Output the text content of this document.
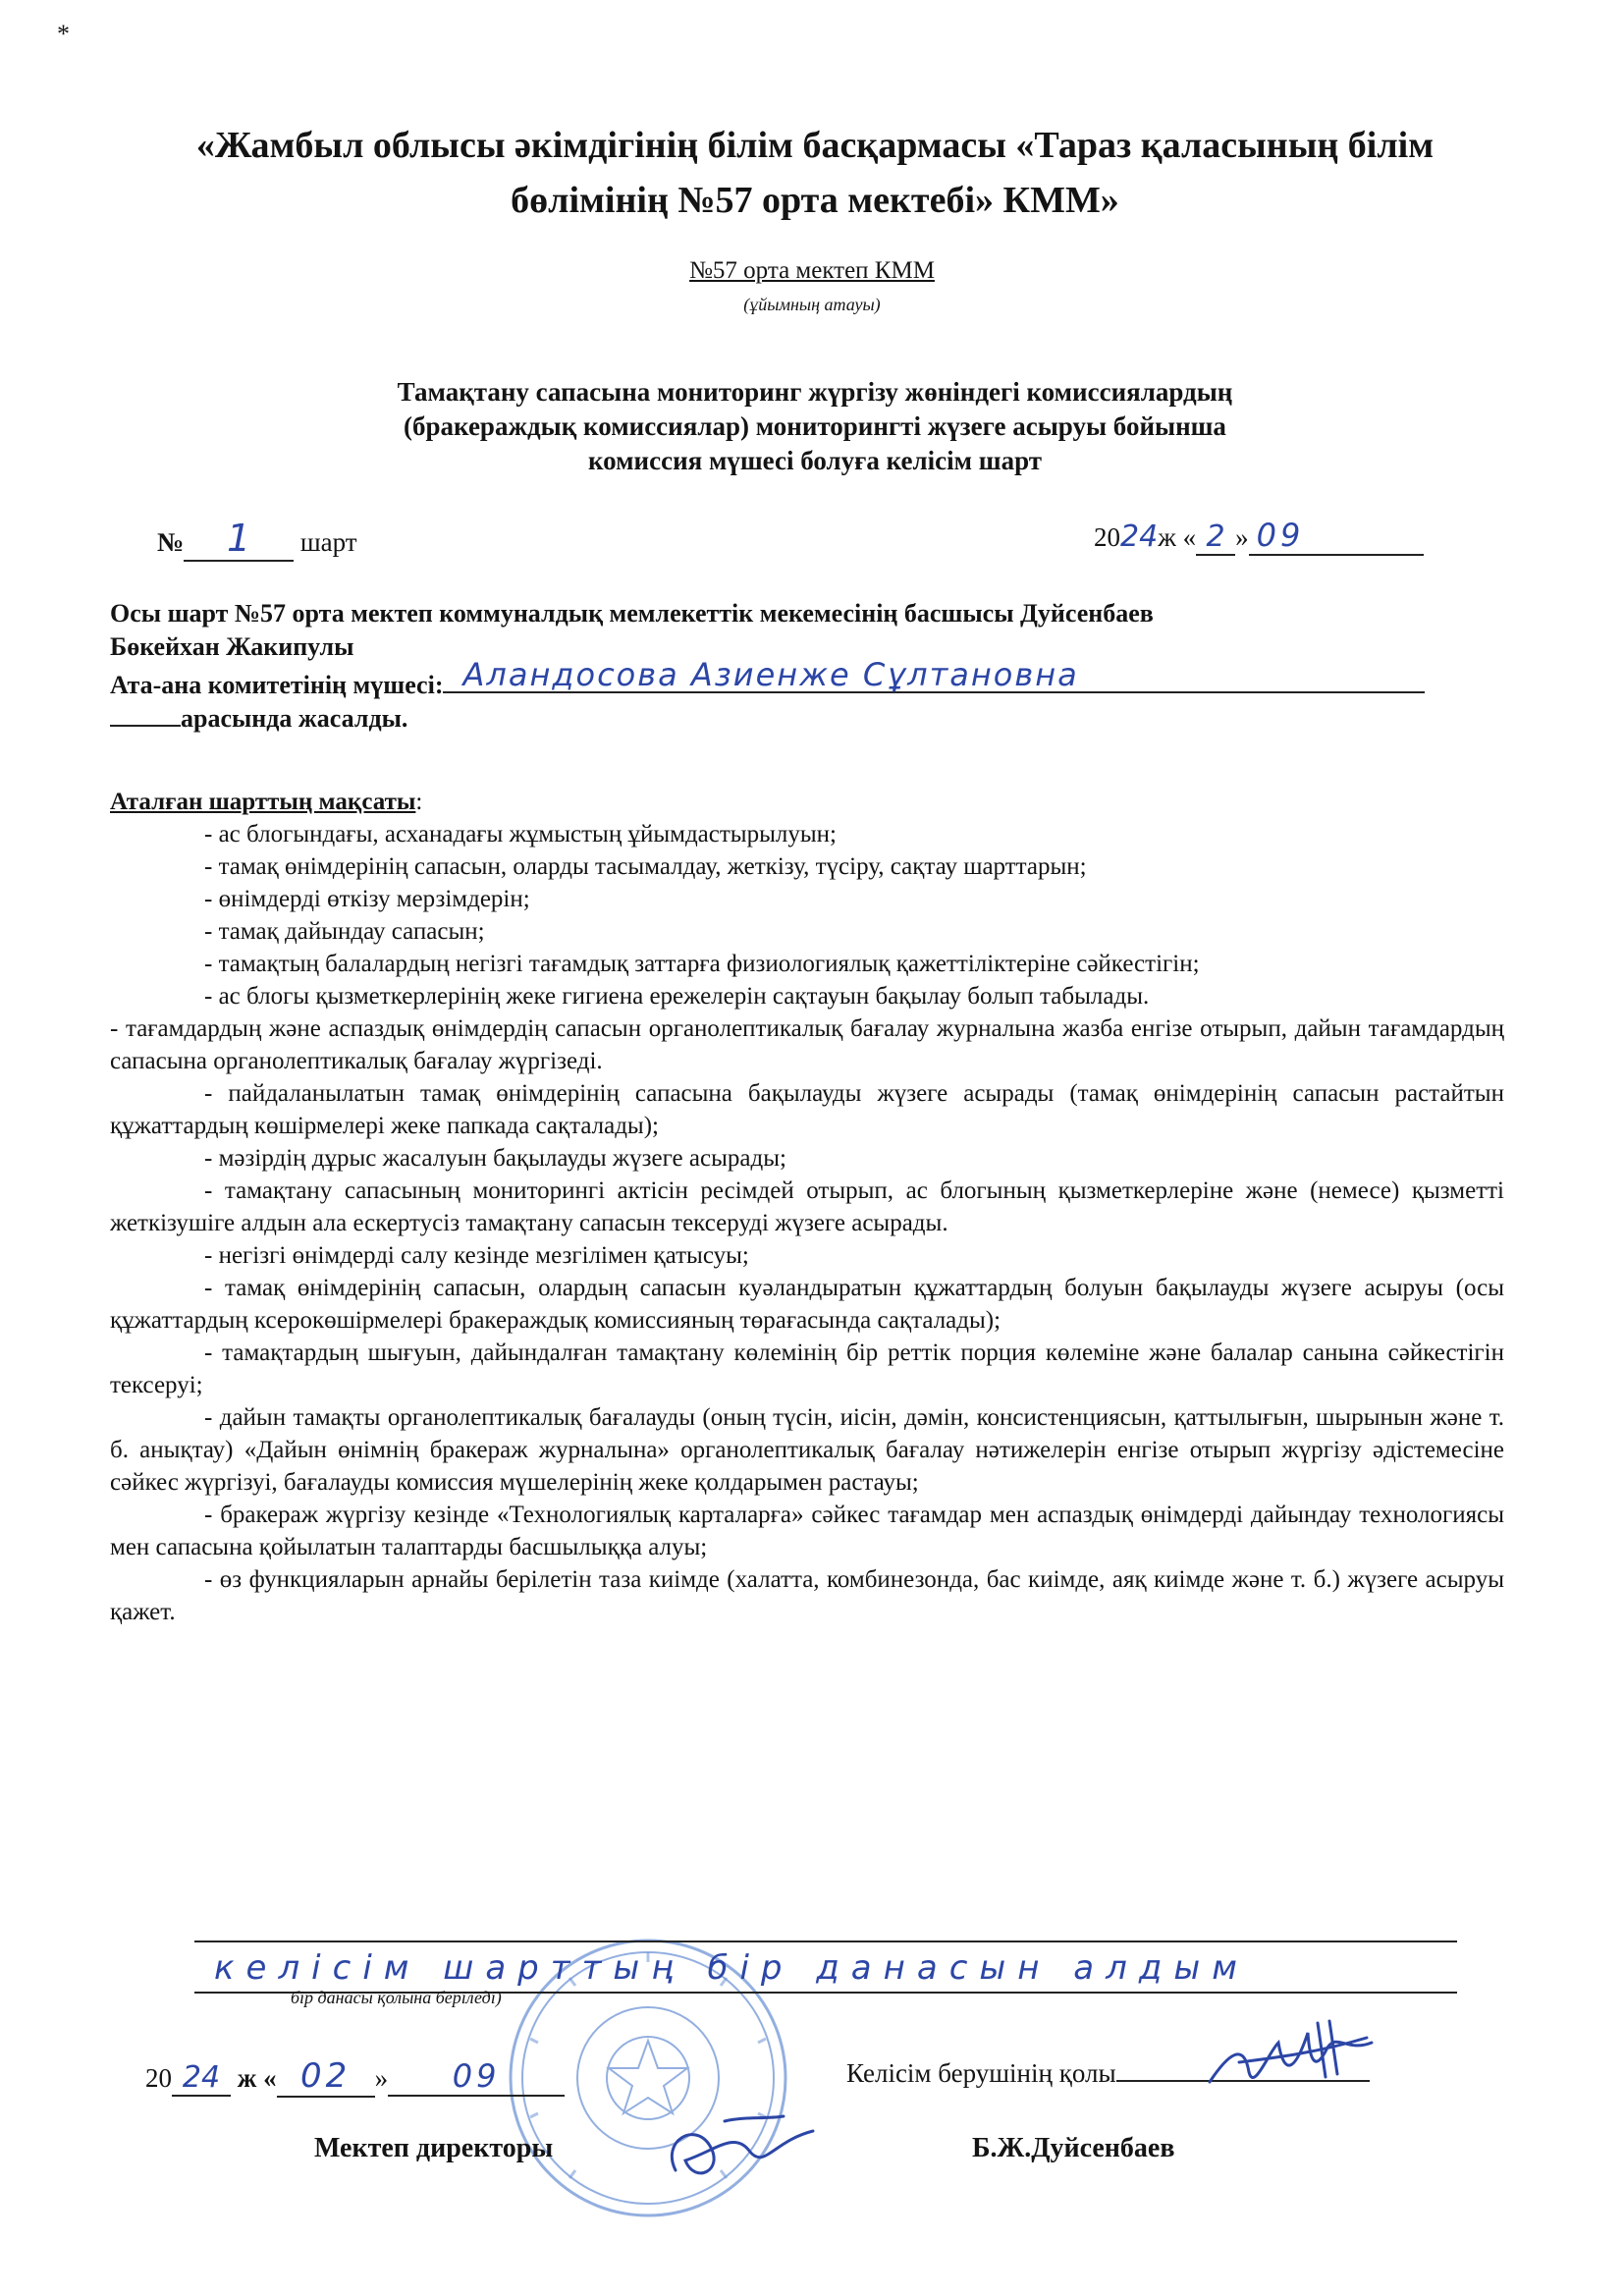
*
«Жамбыл облысы әкімдігінің білім басқармасы «Тараз қаласының білім
бөлімінің №57 орта мектебі» КММ»
№57 орта мектеп КММ
(ұйымның атауы)
Тамақтану сапасына мониторинг жүргізу жөніндегі комиссиялардың
(бракераждық комиссиялар) мониторингті жүзеге асыруы бойынша
комиссия мүшесі болуға келісім шарт
№ 1 шарт	2024ж « 2 » 09
Осы шарт №57 орта мектеп коммуналдық мемлекеттік мекемесінің басшысы Дуйсенбаев
Бөкейхан Жакипулы
Ата-ана комитетінің мүшесі: Аландосова Азиенже Сұлтановна
арасында жасалды.
Аталған шарттың мақсаты:
- ас блогындағы, асханадағы жұмыстың ұйымдастырылуын;
- тамақ өнімдерінің сапасын, оларды тасымалдау, жеткізу, түсіру, сақтау шарттарын;
- өнімдерді өткізу мерзімдерін;
- тамақ дайындау сапасын;
- тамақтың балалардың негізгі тағамдық заттарға физиологиялық қажеттіліктеріне сәйкестігін;
- ас блогы қызметкерлерінің жеке гигиена ережелерін сақтауын бақылау болып табылады.
- тағамдардың және аспаздық өнімдердің сапасын органолептикалық бағалау журналына жазба енгізе отырып, дайын тағамдардың сапасына органолептикалық бағалау жүргізеді.
- пайдаланылатын тамақ өнімдерінің сапасына бақылауды жүзеге асырады (тамақ өнімдерінің сапасын растайтын құжаттардың көшірмелері жеке папкада сақталады);
- мәзірдің дұрыс жасалуын бақылауды жүзеге асырады;
- тамақтану сапасының мониторингі актісін ресімдей отырып, ас блогының қызметкерлеріне және (немесе) қызметті жеткізушіге алдын ала ескертусіз тамақтану сапасын тексеруді жүзеге асырады.
- негізгі өнімдерді салу кезінде мезгілімен қатысуы;
- тамақ өнімдерінің сапасын, олардың сапасын куәландыратын құжаттардың болуын бақылауды жүзеге асыруы (осы құжаттардың ксерокөшірмелері бракераждық комиссияның төрағасында сақталады);
- тамақтардың шығуын, дайындалған тамақтану көлемінің бір реттік порция көлеміне және балалар санына сәйкестігін тексеруі;
- дайын тамақты органолептикалық бағалауды (оның түсін, иісін, дәмін, консистенциясын, қаттылығын, шырынын және т. б. анықтау) «Дайын өнімнің бракераж журналына» органолептикалық бағалау нәтижелерін енгізе отырып жүргізу әдістемесіне сәйкес жүргізуі, бағалауды комиссия мүшелерінің жеке қолдарымен растауы;
- бракераж жүргізу кезінде «Технологиялық карталарға» сәйкес тағамдар мен аспаздық өнімдерді дайындау технологиясы мен сапасына қойылатын талаптарды басшылыққа алуы;
- өз функцияларын арнайы берілетін таза киімде (халатта, комбинезонда, бас киімде, аяқ киімде және т. б.) жүзеге асыруы қажет.
келісім шарттың бір данасын алдым
бір данасы қолына беріледі)
20 24 ж « 02 » 09	Келісім берушінің қолы
Мектеп директоры	Б.Ж.Дуйсенбаев
